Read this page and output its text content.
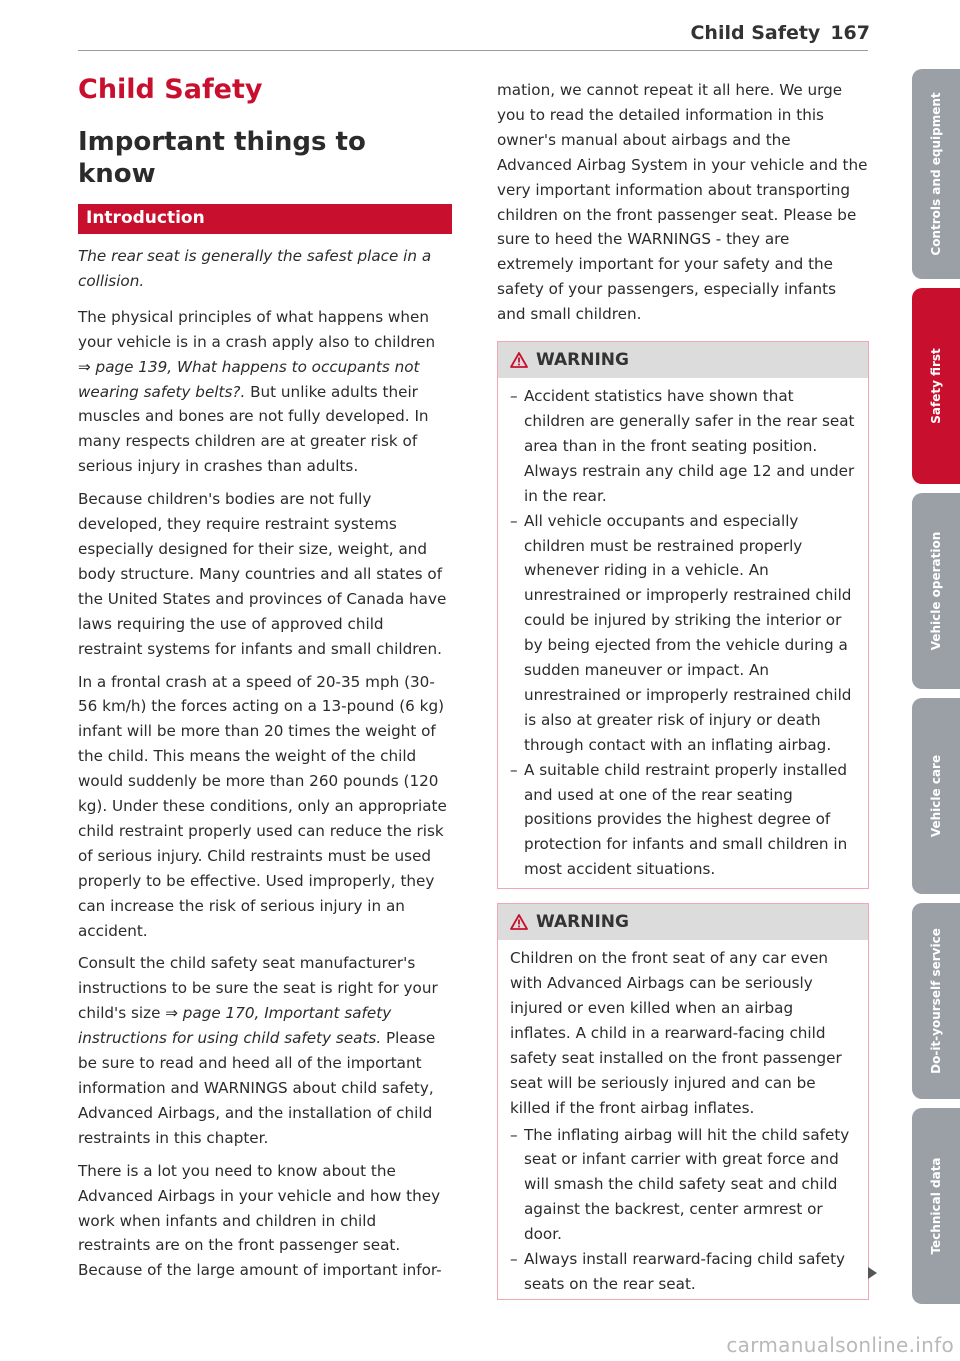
Child Safety 167
Child Safety
Important things to know
Introduction

The rear seat is generally the safest place in a collision.

The physical principles of what happens when your vehicle is in a crash apply also to children ⇒ page 139, What happens to occupants not wearing safety belts?. But unlike adults their muscles and bones are not fully developed. In many respects children are at greater risk of serious injury in crashes than adults.

Because children's bodies are not fully developed, they require restraint systems especially designed for their size, weight, and body structure. Many countries and all states of the United States and provinces of Canada have laws requiring the use of approved child restraint systems for infants and small children.

In a frontal crash at a speed of 20-35 mph (30-56 km/h) the forces acting on a 13-pound (6 kg) infant will be more than 20 times the weight of the child. This means the weight of the child would suddenly be more than 260 pounds (120 kg). Under these conditions, only an appropriate child restraint properly used can reduce the risk of serious injury. Child restraints must be used properly to be effective. Used improperly, they can increase the risk of serious injury in an accident.

Consult the child safety seat manufacturer's instructions to be sure the seat is right for your child's size ⇒ page 170, Important safety instructions for using child safety seats. Please be sure to read and heed all of the important information and WARNINGS about child safety, Advanced Airbags, and the installation of child restraints in this chapter.

There is a lot you need to know about the Advanced Airbags in your vehicle and how they work when infants and children in child restraints are on the front passenger seat. Because of the large amount of important infor-

mation, we cannot repeat it all here. We urge you to read the detailed information in this owner's manual about airbags and the Advanced Airbag System in your vehicle and the very important information about transporting children on the front passenger seat. Please be sure to heed the WARNINGS - they are extremely important for your safety and the safety of your passengers, especially infants and small children.

WARNING
– Accident statistics have shown that children are generally safer in the rear seat area than in the front seating position. Always restrain any child age 12 and under in the rear.
– All vehicle occupants and especially children must be restrained properly whenever riding in a vehicle. An unrestrained or improperly restrained child could be injured by striking the interior or by being ejected from the vehicle during a sudden maneuver or impact. An unrestrained or improperly restrained child is also at greater risk of injury or death through contact with an inflating airbag.
– A suitable child restraint properly installed and used at one of the rear seating positions provides the highest degree of protection for infants and small children in most accident situations.
WARNING

Children on the front seat of any car even with Advanced Airbags can be seriously injured or even killed when an airbag inflates. A child in a rearward-facing child safety seat installed on the front passenger seat will be seriously injured and can be killed if the front airbag inflates.

– The inflating airbag will hit the child safety seat or infant carrier with great force and will smash the child safety seat and child against the backrest, center armrest or door.
– Always install rearward-facing child safety seats on the rear seat.
Controls and equipment
Safety first
Vehicle operation
Vehicle care
Do-it-yourself service
Technical data
carmanualsonline.info
